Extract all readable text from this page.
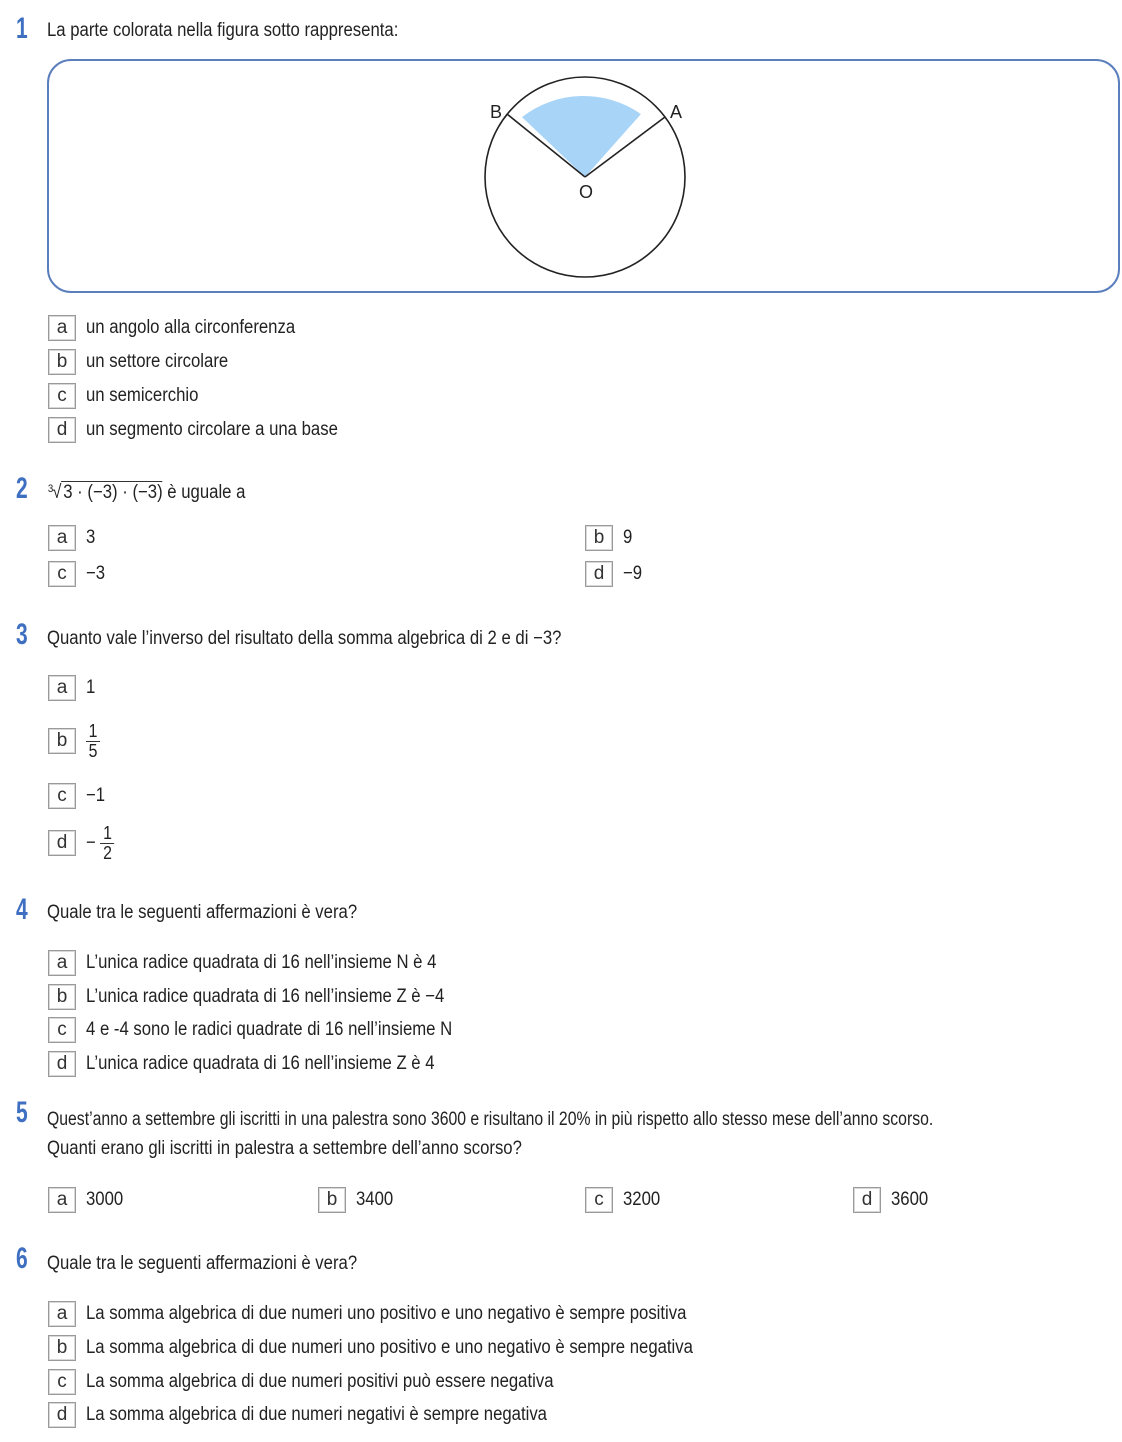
1 La parte colorata nella figura sotto rappresenta:
B	A
O
a un angolo alla circonferenza
b un settore circolare
c	un semicerchio
d un segmento circolare a una base
2 3 √3 · (−3) · (−3) è uguale a
a 3	b 9
c	−3	d −9
3 Quanto vale l’inverso del risultato della somma algebrica di 2 e di −3?
a 1
b	$\frac{1}{5}$
c	−1
$d - \frac{1}{2}$
4 Quale tra le seguenti affermazioni è vera?
a L’unica radice quadrata di 16 nell’insieme N è 4
b L’unica radice quadrata di 16 nell’insieme Z è −4
c	4 e -4 sono le radici quadrate di 16 nell’insieme N
d L’unica radice quadrata di 16 nell’insieme Z è 4
5 Quest’anno a settembre gli iscritti in una palestra sono 3600 e risultano il 20% in più rispetto allo stesso mese dell’anno scorso.
Quanti erano gli iscritti in palestra a settembre dell’anno scorso?
a 3000	b 3400	c	3200	d 3600
6 Quale tra le seguenti affermazioni è vera?
a La somma algebrica di due numeri uno positivo e uno negativo è sempre positiva
b La somma algebrica di due numeri uno positivo e uno negativo è sempre negativa
c	La somma algebrica di due numeri positivi può essere negativa
d La somma algebrica di due numeri negativi è sempre negativa
